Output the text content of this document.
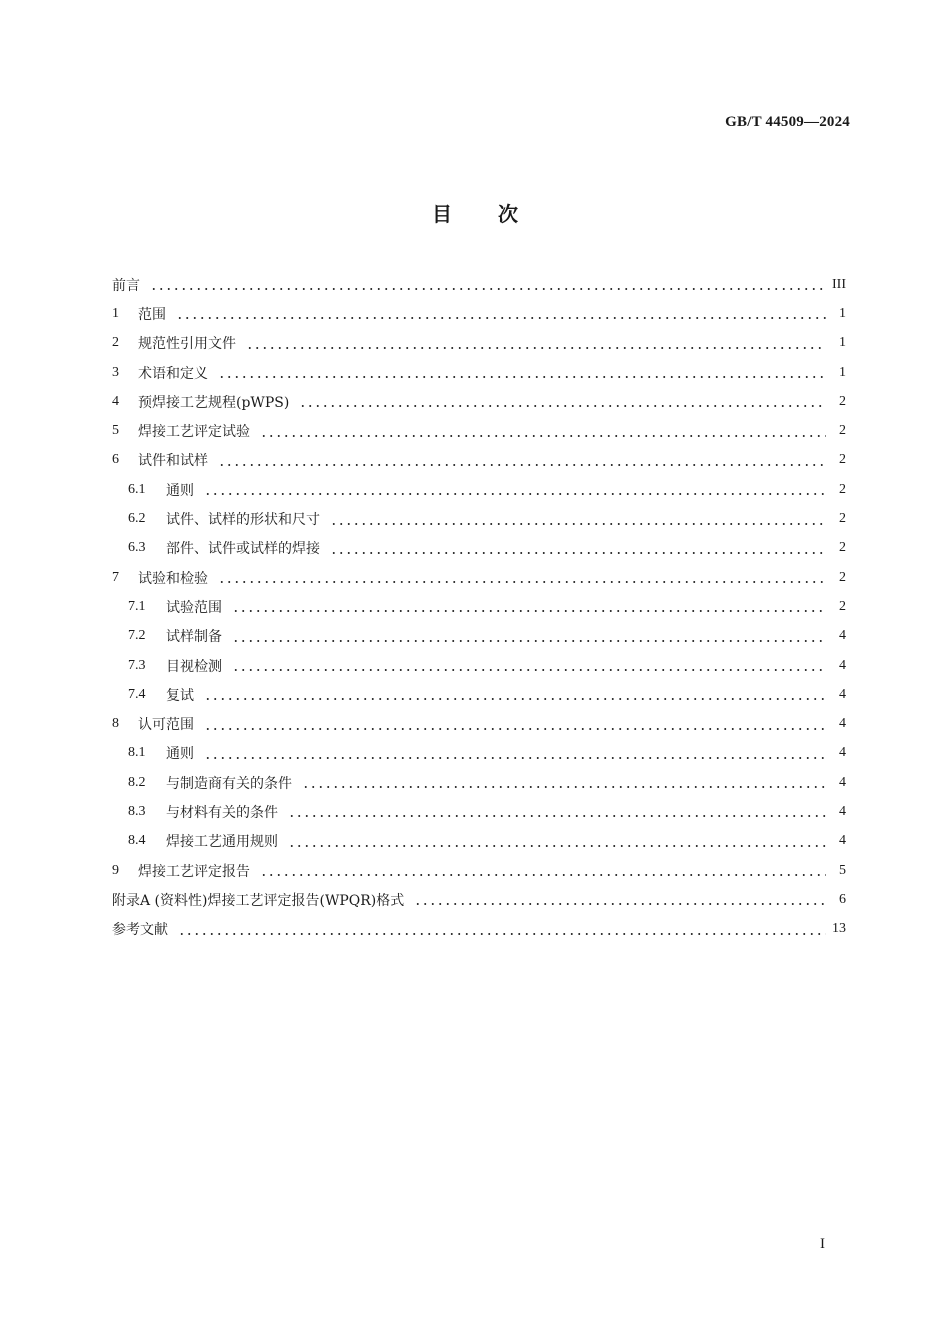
GB/T 44509—2024
目次
前言	III
1	范围	1
2	规范性引用文件	1
3	术语和定义	1
4	预焊接工艺规程(pWPS)	2
5	焊接工艺评定试验	2
6	试件和试样	2
6.1	通则	2
6.2	试件、试样的形状和尺寸	2
6.3	部件、试件或试样的焊接	2
7	试验和检验	2
7.1	试验范围	2
7.2	试样制备	4
7.3	目视检测	4
7.4	复试	4
8	认可范围	4
8.1	通则	4
8.2	与制造商有关的条件	4
8.3	与材料有关的条件	4
8.4	焊接工艺通用规则	4
9	焊接工艺评定报告	5
附录A (资料性)焊接工艺评定报告(WPQR)格式	6
参考文献	13
I
